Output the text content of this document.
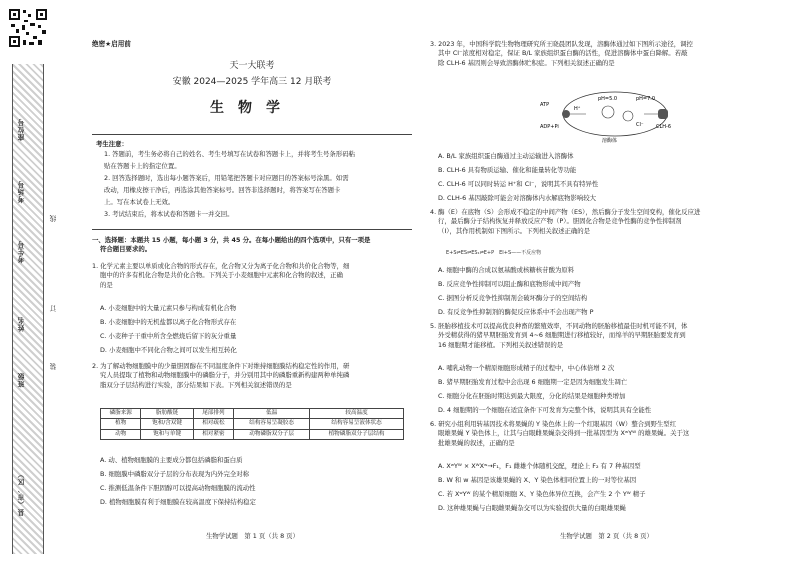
座位号
考场号
考生号
姓名
班级
县（市、区）
线
订
装
绝密★启用前
天一大联考
安徽 2024—2025 学年高三 12 月联考
生物学
考生注意：
1. 答题前，考生务必将自己的姓名、考生号填写在试卷和答题卡上，并将考生号条形码粘
贴在答题卡上的指定位置。
2. 回答选择题时，选出每小题答案后，用铅笔把答题卡对应题目的答案标号涂黑。如需
改动，用橡皮擦干净后，再选涂其他答案标号。回答非选择题时，将答案写在答题卡
上。写在本试卷上无效。
3. 考试结束后，将本试卷和答题卡一并交回。
一、选择题：本题共 15 小题，每小题 3 分，共 45 分。在每小题给出的四个选项中，只有一项是
符合题目要求的。
1. 化学元素主要以单质或化合物的形式存在，化合物又分为离子化合物和共价化合物等，细
胞中的许多有机化合物是共价化合物。下列关于小麦细胞中元素和化合物的叙述，正确
的是
A. 小麦细胞中的大量元素只参与构成有机化合物
B. 小麦细胞中的无机盐都以离子化合物形式存在
C. 小麦种子干重中所含全燃烧后留下的灰分重量
D. 小麦细胞中不同化合物之间可以发生相互转化
2. 为了解动物细胞膜中的少量胆固醇在不同温度条件下对维持细胞膜结构稳定性的作用，研
究人员提取了植物和动物细胞膜中的磷脂分子，并分别用其中的磷脂重新构建两种单纯磷
脂双分子层结构进行实验，部分结果如下表。下列相关叙述错误的是
磷脂来源	脂肪酸链	尾部排列	低温	较高温度
植物	饱和/含双键	相对疏松	结构容易呈凝胶态	结构容易呈液体状态
动物	饱和与单键	相对紧密	动物磷脂双分子层	植物磷脂双分子层结构
A. 动、植物细胞膜的主要成分都包括磷脂和蛋白质
B. 细胞膜中磷脂双分子层的分布表现为内外完全对称
C. 推测低温条件下胆固醇可以提高动物细胞膜的流动性
D. 植物细胞膜有利于细胞膜在较高温度下保持结构稳定
生物学试题　第 1 页（共 8 页）
3. 2023 年，中国科学院生物物理研究所王晓晨团队发现，溶酶体通过如下图所示途径，调控
其中 Cl⁻浓度相对稳定，保证 B/L 家族组织蛋白酶的活性，促进溶酶体中蛋白降解。若敲
除 CLH-6 基因则会导致溶酶体贮积症。下列相关叙述正确的是
ATP
ADP+Pi
H⁺
pH=5.0	pH=7.0
Cl⁻ CLH-6
溶酶体
A. B/L 家族组织蛋白酶通过主动运输进入溶酶体
B. CLH-6 具有物质运输、催化和能量转化等功能
C. CLH-6 可以同时转运 H⁺和 Cl⁻，说明其不具有特异性
D. CLH-6 基因敲除可能会对溶酶体内水解底物影响较大
4. 酶（E）在底物（S）会形成不稳定的中间产物（ES），然后酶分子发生空间变构，催化反应进
行，最后酶分子结构恢复并释放反应产物（P）。胆固化合物是竞争性酶的竞争性抑制剂
（I），其作用机制如下图所示。下列相关叙述正确的是
E+S⇌ES⇌ES₁⇌E+P　EI+S——不反应物
A. 细胞中酶的合成以氨基酸或核糖核苷酸为原料
B. 反应竞争性抑制可以阻止酶和底物形成中间产物
C. 据图分析反竞争性抑制剂会破坏酶分子的空间结构
D. 有反竞争性抑制剂的酶促反应体系中不会出现产物 P
5. 胚胎移植技术可以提高优良种畜的繁殖效率，不同动物的胚胎移植最佳时机可能不同，体
外受精获得的猪早期胚胎发育到 4~6 细胞期进行移植较好，而绵羊的早期胚胎要发育到
16 细胞期才能移植。下列相关叙述错误的是
A. 哺乳动物一个精原细胞形成精子的过程中，中心体倍增 2 次
B. 猪早期胚胎发育过程中会出现 6 细胞期一定是因为细胞发生凋亡
C. 细胞分化在胚胎时期达到最大限度，分化的结果是细胞种类增加
D. 4 细胞期的一个细胞在适宜条件下可发育为完整个体，说明其具有全能性
6. 研究小组利用转基因技术将果蝇的 Y 染色体上的一个红眼基因（W）整合到野生型红
眼雄果蝇 Y 染色体上，让其与白眼雌果蝇杂交得到一批基因型为 XʷYᵂ 的雄果蝇。关于这
批雄果蝇的叙述，正确的是
A. XʷYᵂ × XᵂXʷ→F₁，F₁ 雌雄个体随机交配，理论上 F₂ 有 7 种基因型
B. W 和 w 基因是该雄果蝇的 X、Y 染色体相同位置上的一对等位基因
C. 若 XʷYᵂ 的某个精原细胞 X、Y 染色体异位互换，会产生 2 个 Yᵂ 精子
D. 这种雄果蝇与白眼雌果蝇杂交可以为实验提供大量的白眼雄果蝇
生物学试题　第 2 页（共 8 页）
